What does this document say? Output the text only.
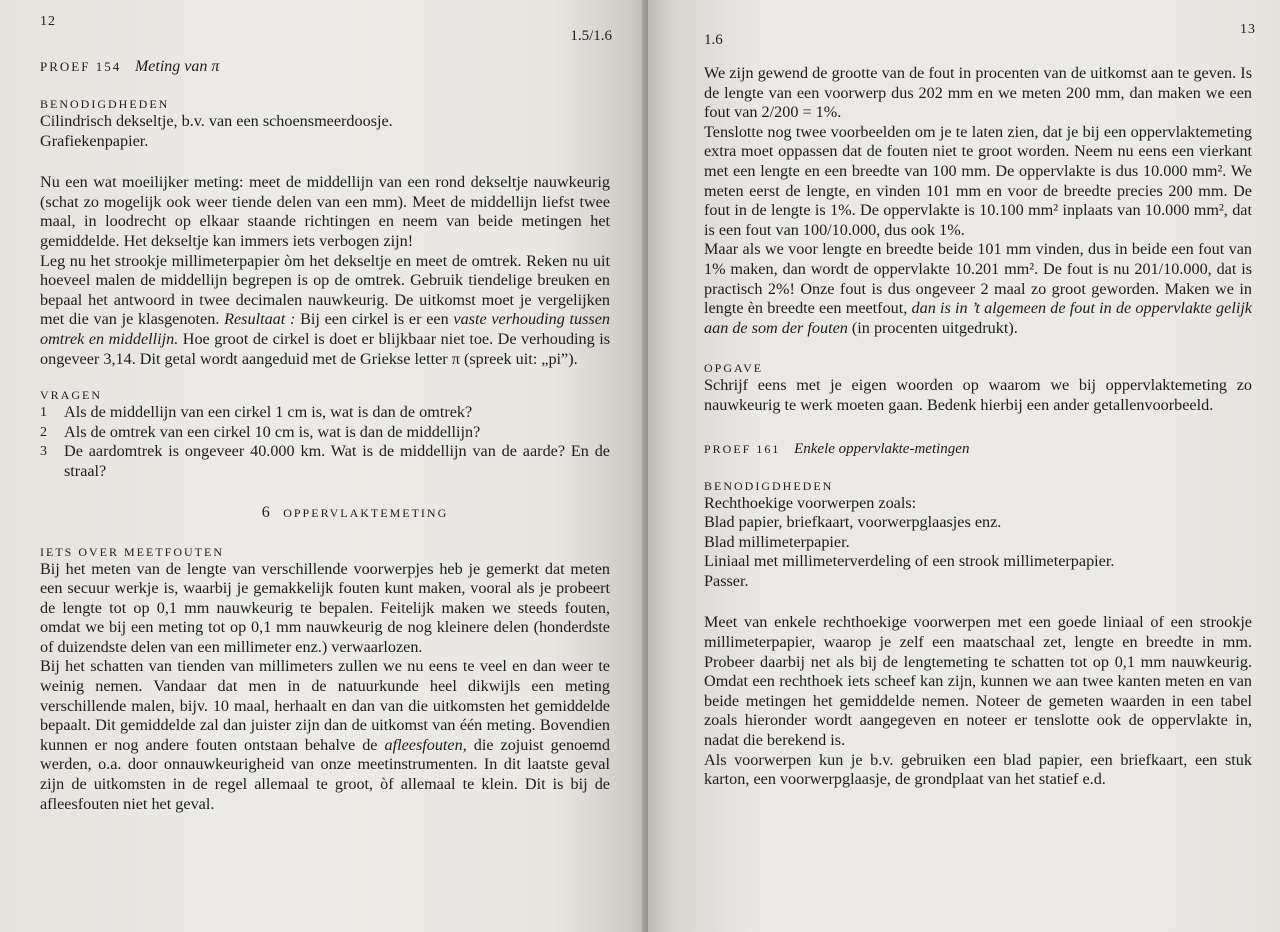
12
1.5/1.6
PROEF 154 Meting van π
BENODIGDHEDEN
Cilindrisch dekseltje, b.v. van een schoensmeerdoosje.
Grafiekenpapier.

Nu een wat moeilijker meting: meet de middellijn van een rond dekseltje nauwkeurig (schat zo mogelijk ook weer tiende delen van een mm). Meet de middellijn liefst twee maal, in loodrecht op elkaar staande richtingen en neem van beide metingen het gemiddelde. Het dekseltje kan immers iets verbogen zijn!

Leg nu het strookje millimeterpapier òm het dekseltje en meet de omtrek. Reken nu uit hoeveel malen de middellijn begrepen is op de omtrek. Gebruik tiendelige breuken en bepaal het antwoord in twee decimalen nauwkeurig. De uitkomst moet je vergelijken met die van je klasgenoten. Resultaat : Bij een cirkel is er een vaste verhouding tussen omtrek en middellijn. Hoe groot de cirkel is doet er blijkbaar niet toe. De verhouding is ongeveer 3,14. Dit getal wordt aangeduid met de Griekse letter π (spreek uit: „pi”).

VRAGEN
1	Als de middellijn van een cirkel 1 cm is, wat is dan de omtrek?
2	Als de omtrek van een cirkel 10 cm is, wat is dan de middellijn?
3	De aardomtrek is ongeveer 40.000 km. Wat is de middellijn van de aarde? En de straal?
6 OPPERVLAKTEMETING
IETS OVER MEETFOUTEN

Bij het meten van de lengte van verschillende voorwerpjes heb je gemerkt dat meten een secuur werkje is, waarbij je gemakkelijk fouten kunt maken, vooral als je probeert de lengte tot op 0,1 mm nauwkeurig te bepalen. Feitelijk maken we steeds fouten, omdat we bij een meting tot op 0,1 mm nauwkeurig de nog kleinere delen (honderdste of duizendste delen van een millimeter enz.) verwaarlozen.

Bij het schatten van tienden van millimeters zullen we nu eens te veel en dan weer te weinig nemen. Vandaar dat men in de natuurkunde heel dikwijls een meting verschillende malen, bijv. 10 maal, herhaalt en dan van die uitkomsten het gemiddelde bepaalt. Dit gemiddelde zal dan juister zijn dan de uitkomst van één meting. Bovendien kunnen er nog andere fouten ontstaan behalve de afleesfouten, die zojuist genoemd werden, o.a. door onnauwkeurigheid van onze meetinstrumenten. In dit laatste geval zijn de uitkomsten in de regel allemaal te groot, òf allemaal te klein. Dit is bij de afleesfouten niet het geval.

1.6
13

We zijn gewend de grootte van de fout in procenten van de uitkomst aan te geven. Is de lengte van een voorwerp dus 202 mm en we meten 200 mm, dan maken we een fout van 2/200 = 1%.

Tenslotte nog twee voorbeelden om je te laten zien, dat je bij een oppervlaktemeting extra moet oppassen dat de fouten niet te groot worden. Neem nu eens een vierkant met een lengte en een breedte van 100 mm. De oppervlakte is dus 10.000 mm². We meten eerst de lengte, en vinden 101 mm en voor de breedte precies 200 mm. De fout in de lengte is 1%. De oppervlakte is 10.100 mm² inplaats van 10.000 mm², dat is een fout van 100/10.000, dus ook 1%.

Maar als we voor lengte en breedte beide 101 mm vinden, dus in beide een fout van 1% maken, dan wordt de oppervlakte 10.201 mm². De fout is nu 201/10.000, dat is practisch 2%! Onze fout is dus ongeveer 2 maal zo groot geworden. Maken we in lengte èn breedte een meetfout, dan is in ’t algemeen de fout in de oppervlakte gelijk aan de som der fouten (in procenten uitgedrukt).

OPGAVE

Schrijf eens met je eigen woorden op waarom we bij oppervlaktemeting zo nauwkeurig te werk moeten gaan. Bedenk hierbij een ander getallenvoorbeeld.

PROEF 161 Enkele oppervlakte-metingen
BENODIGDHEDEN
Rechthoekige voorwerpen zoals:
Blad papier, briefkaart, voorwerpglaasjes enz.
Blad millimeterpapier.
Liniaal met millimeterverdeling of een strook millimeterpapier.
Passer.

Meet van enkele rechthoekige voorwerpen met een goede liniaal of een strookje millimeterpapier, waarop je zelf een maatschaal zet, lengte en breedte in mm. Probeer daarbij net als bij de lengtemeting te schatten tot op 0,1 mm nauwkeurig. Omdat een rechthoek iets scheef kan zijn, kunnen we aan twee kanten meten en van beide metingen het gemiddelde nemen. Noteer de gemeten waarden in een tabel zoals hieronder wordt aangegeven en noteer er tenslotte ook de oppervlakte in, nadat die berekend is.

Als voorwerpen kun je b.v. gebruiken een blad papier, een briefkaart, een stuk karton, een voorwerpglaasje, de grondplaat van het statief e.d.
